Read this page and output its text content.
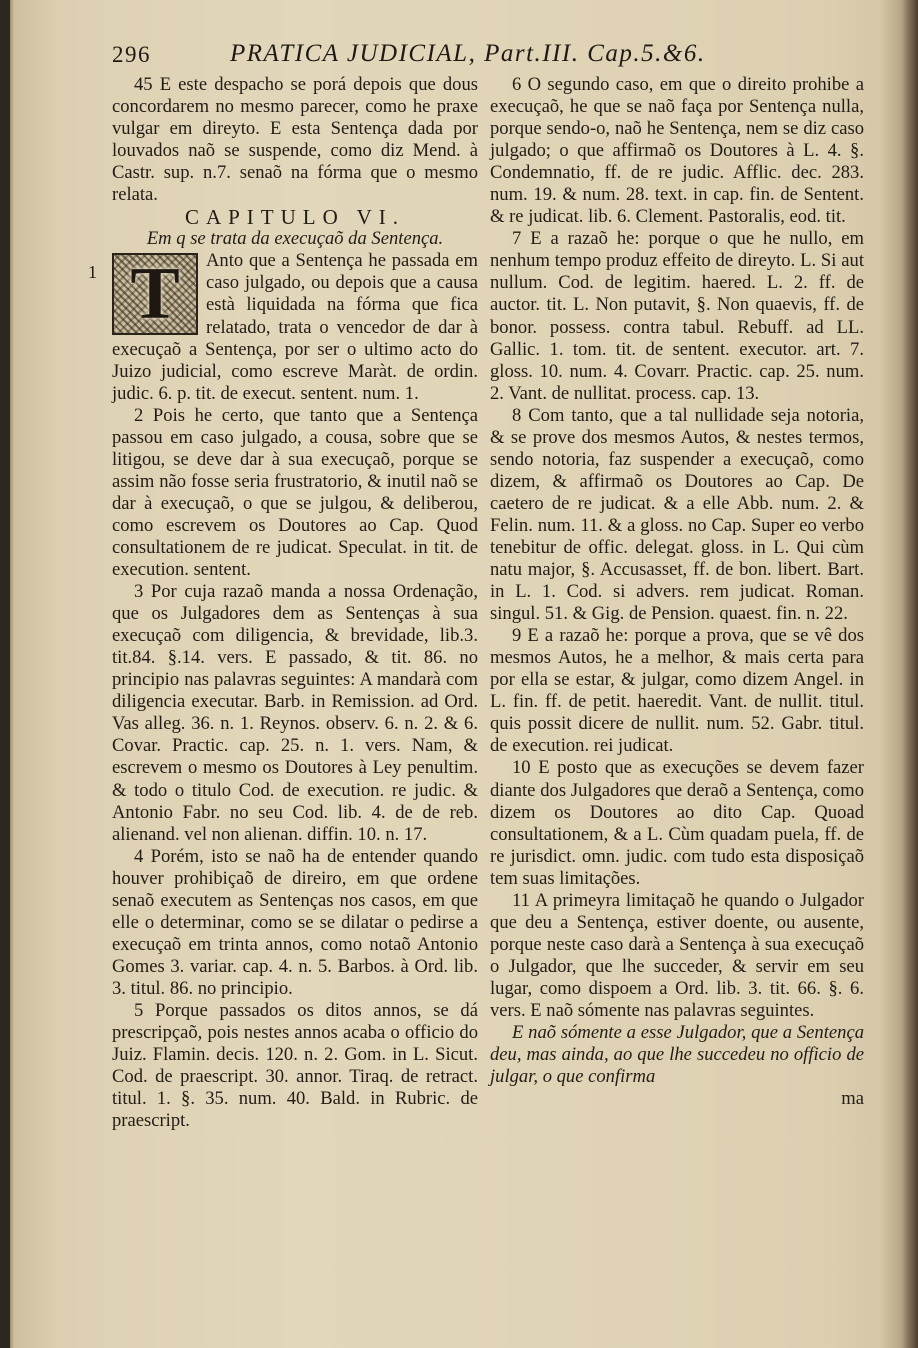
296	PRATICA JUDICIAL, Part.III. Cap.5.&6.

45 E este despacho se porá depois que dous concordarem no mesmo parecer, como he praxe vulgar em direyto. E esta Sentença dada por louvados naõ se suspende, como diz Mend. à Castr. sup. n.7. senaõ na fórma que o mesmo relata.

CAPITULO VI.

Em q se trata da execuçaõ da Sentença.

T	Anto que a Sentença he passada em caso julgado, ou depois que a causa està liquidada na fórma que fica relatado, trata o vencedor de dar à execuçaõ a Sentença, por ser o ultimo acto do Juizo judicial, como escreve Maràt. de ordin. judic. 6. p. tit. de execut. sentent. num. 1.

2 Pois he certo, que tanto que a Sentença passou em caso julgado, a cousa, sobre que se litigou, se deve dar à sua execuçaõ, porque se assim não fosse seria frustratorio, & inutil naõ se dar à execuçaõ, o que se julgou, & deliberou, como escrevem os Doutores ao Cap. Quod consultationem de re judicat. Speculat. in tit. de execution. sentent.

3 Por cuja razaõ manda a nossa Ordenação, que os Julgadores dem as Sentenças à sua execuçaõ com diligencia, & brevidade, lib.3. tit.84. §.14. vers. E passado, & tit. 86. no principio nas palavras seguintes: A mandarà com diligencia executar. Barb. in Remission. ad Ord. Vas alleg. 36. n. 1. Reynos. observ. 6. n. 2. & 6. Covar. Practic. cap. 25. n. 1. vers. Nam, & escrevem o mesmo os Doutores à Ley penultim. & todo o titulo Cod. de execution. re judic. & Antonio Fabr. no seu Cod. lib. 4. de de reb. alienand. vel non alienan. diffin. 10. n. 17.

4 Porém, isto se naõ ha de entender quando houver prohibiçaõ de direiro, em que ordene senaõ executem as Sentenças nos casos, em que elle o determinar, como se se dilatar o pedirse a execuçaõ em trinta annos, como notaõ Antonio Gomes 3. variar. cap. 4. n. 5. Barbos. à Ord. lib. 3. titul. 86. no principio.

5 Porque passados os ditos annos, se dá prescripçaõ, pois nestes annos acaba o officio do Juiz. Flamin. decis. 120. n. 2. Gom. in L. Sicut. Cod. de praescript. 30. annor. Tiraq. de retract. titul. 1. §. 35. num. 40. Bald. in Rubric. de praescript.

1

6 O segundo caso, em que o direito prohibe a execuçaõ, he que se naõ faça por Sentença nulla, porque sendo-o, naõ he Sentença, nem se diz caso julgado; o que affirmaõ os Doutores à L. 4. §. Condemnatio, ff. de re judic. Afflic. dec. 283. num. 19. & num. 28. text. in cap. fin. de Sentent. & re judicat. lib. 6. Clement. Pastoralis, eod. tit.

7 E a razaõ he: porque o que he nullo, em nenhum tempo produz effeito de direyto. L. Si aut nullum. Cod. de legitim. haered. L. 2. ff. de auctor. tit. L. Non putavit, §. Non quaevis, ff. de bonor. possess. contra tabul. Rebuff. ad LL. Gallic. 1. tom. tit. de sentent. executor. art. 7. gloss. 10. num. 4. Covarr. Practic. cap. 25. num. 2. Vant. de nullitat. process. cap. 13.

8 Com tanto, que a tal nullidade seja notoria, & se prove dos mesmos Autos, & nestes termos, sendo notoria, faz suspender a execuçaõ, como dizem, & affirmaõ os Doutores ao Cap. De caetero de re judicat. & a elle Abb. num. 2. & Felin. num. 11. & a gloss. no Cap. Super eo verbo tenebitur de offic. delegat. gloss. in L. Qui cùm natu major, §. Accusasset, ff. de bon. libert. Bart. in L. 1. Cod. si advers. rem judicat. Roman. singul. 51. & Gig. de Pension. quaest. fin. n. 22.

9 E a razaõ he: porque a prova, que se vê dos mesmos Autos, he a melhor, & mais certa para por ella se estar, & julgar, como dizem Angel. in L. fin. ff. de petit. haeredit. Vant. de nullit. titul. quis possit dicere de nullit. num. 52. Gabr. titul. de execution. rei judicat.

10 E posto que as execuções se devem fazer diante dos Julgadores que deraõ a Sentença, como dizem os Doutores ao dito Cap. Quoad consultationem, & a L. Cùm quadam puela, ff. de re jurisdict. omn. judic. com tudo esta disposiçaõ tem suas limitações.

11 A primeyra limitaçaõ he quando o Julgador que deu a Sentença, estiver doente, ou ausente, porque neste caso darà a Sentença à sua execuçaõ o Julgador, que lhe succeder, & servir em seu lugar, como dispoem a Ord. lib. 3. tit. 66. §. 6. vers. E naõ sómente nas palavras seguintes.

E naõ sómente a esse Julgador, que a Sentença deu, mas ainda, ao que lhe succedeu no officio de julgar, o que confirma

ma
